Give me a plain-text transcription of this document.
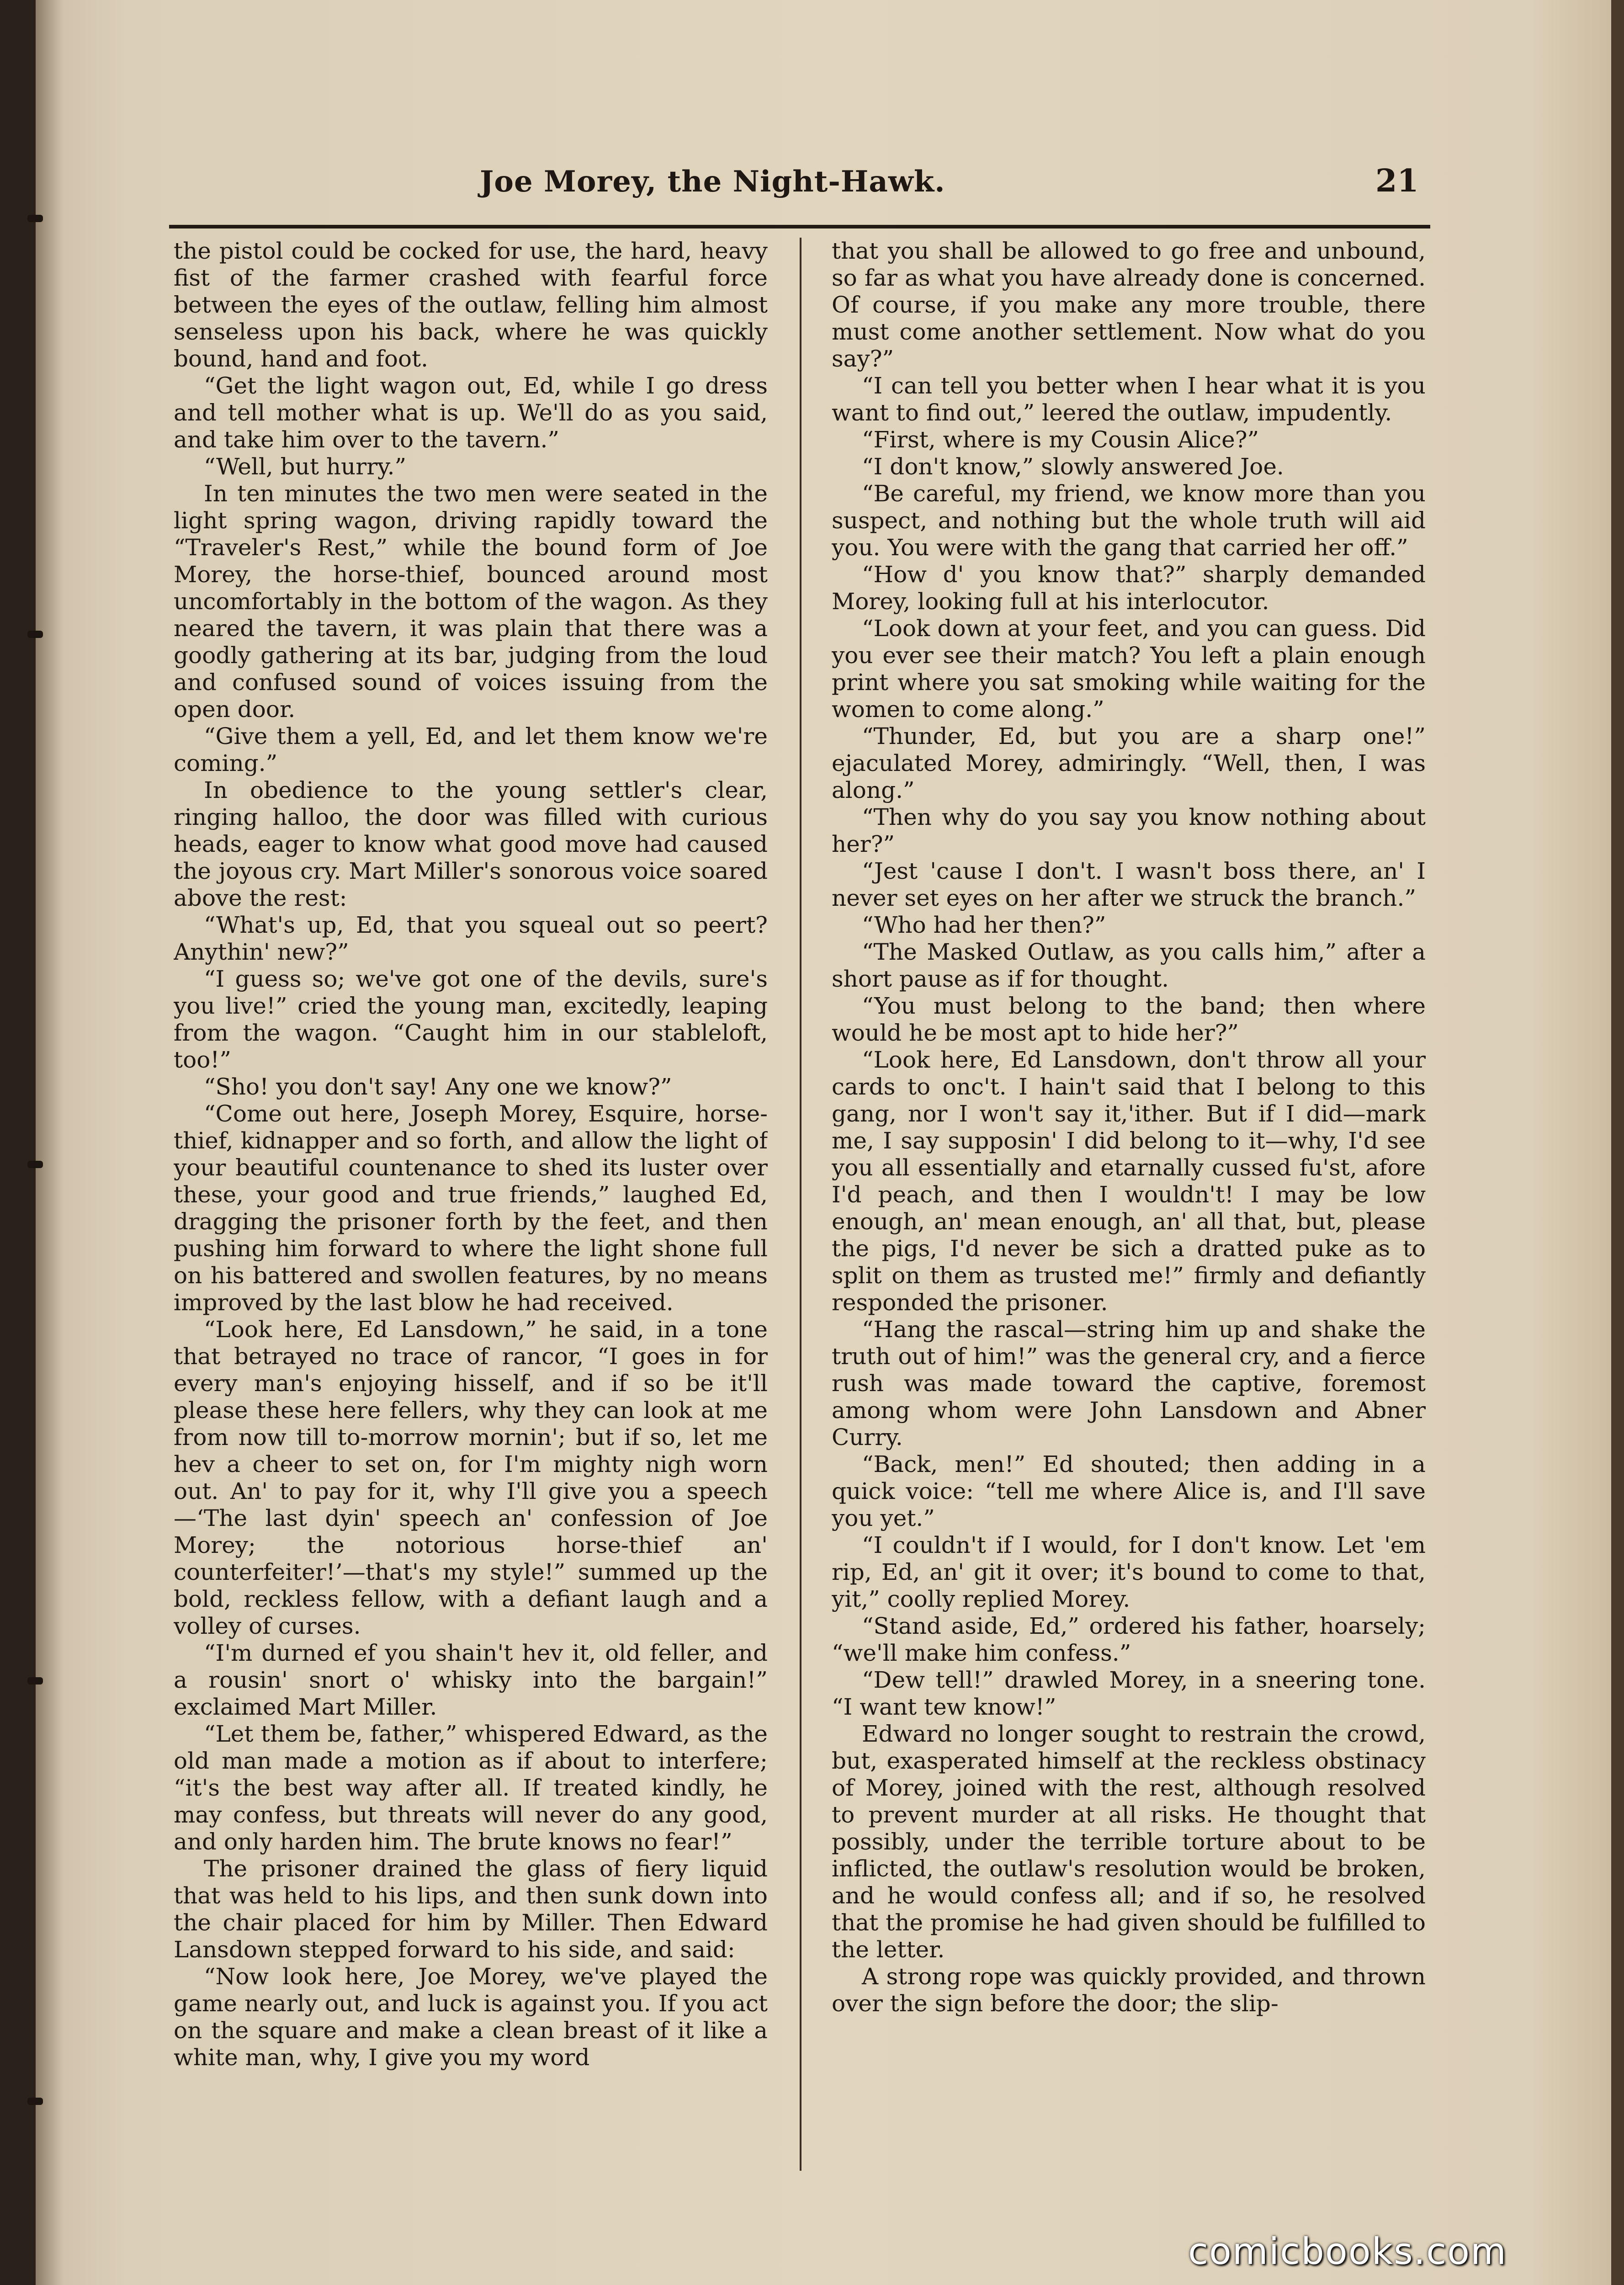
Joe Morey, the Night-Hawk.	21

the pistol could be cocked for use, the hard, heavy fist of the farmer crashed with fearful force between the eyes of the outlaw, felling him almost senseless upon his back, where he was quickly bound, hand and foot.

“Get the light wagon out, Ed, while I go dress and tell mother what is up. We'll do as you said, and take him over to the tavern.”

“Well, but hurry.”

In ten minutes the two men were seated in the light spring wagon, driving rapidly toward the “Traveler's Rest,” while the bound form of Joe Morey, the horse-thief, bounced around most uncomfortably in the bottom of the wagon. As they neared the tavern, it was plain that there was a goodly gathering at its bar, judging from the loud and confused sound of voices issuing from the open door.

“Give them a yell, Ed, and let them know we're coming.”

In obedience to the young settler's clear, ringing halloo, the door was filled with curious heads, eager to know what good move had caused the joyous cry. Mart Miller's sonorous voice soared above the rest:

“What's up, Ed, that you squeal out so peert? Anythin' new?”

“I guess so; we've got one of the devils, sure's you live!” cried the young man, excitedly, leaping from the wagon. “Caught him in our stableloft, too!”

“Sho! you don't say! Any one we know?”

“Come out here, Joseph Morey, Esquire, horse-thief, kidnapper and so forth, and allow the light of your beautiful countenance to shed its luster over these, your good and true friends,” laughed Ed, dragging the prisoner forth by the feet, and then pushing him forward to where the light shone full on his battered and swollen features, by no means improved by the last blow he had received.

“Look here, Ed Lansdown,” he said, in a tone that betrayed no trace of rancor, “I goes in for every man's enjoying hisself, and if so be it'll please these here fellers, why they can look at me from now till to-morrow mornin'; but if so, let me hev a cheer to set on, for I'm mighty nigh worn out. An' to pay for it, why I'll give you a speech—‘The last dyin' speech an' confession of Joe Morey; the notorious horse-thief an' counterfeiter!’—that's my style!” summed up the bold, reckless fellow, with a defiant laugh and a volley of curses.

“I'm durned ef you shain't hev it, old feller, and a rousin' snort o' whisky into the bargain!” exclaimed Mart Miller.

“Let them be, father,” whispered Edward, as the old man made a motion as if about to interfere; “it's the best way after all. If treated kindly, he may confess, but threats will never do any good, and only harden him. The brute knows no fear!”

The prisoner drained the glass of fiery liquid that was held to his lips, and then sunk down into the chair placed for him by Miller. Then Edward Lansdown stepped forward to his side, and said:

“Now look here, Joe Morey, we've played the game nearly out, and luck is against you. If you act on the square and make a clean breast of it like a white man, why, I give you my word

that you shall be allowed to go free and unbound, so far as what you have already done is concerned. Of course, if you make any more trouble, there must come another settlement. Now what do you say?”

“I can tell you better when I hear what it is you want to find out,” leered the outlaw, impudently.

“First, where is my Cousin Alice?”

“I don't know,” slowly answered Joe.

“Be careful, my friend, we know more than you suspect, and nothing but the whole truth will aid you. You were with the gang that carried her off.”

“How d' you know that?” sharply demanded Morey, looking full at his interlocutor.

“Look down at your feet, and you can guess. Did you ever see their match? You left a plain enough print where you sat smoking while waiting for the women to come along.”

“Thunder, Ed, but you are a sharp one!” ejaculated Morey, admiringly. “Well, then, I was along.”

“Then why do you say you know nothing about her?”

“Jest 'cause I don't. I wasn't boss there, an' I never set eyes on her after we struck the branch.”

“Who had her then?”

“The Masked Outlaw, as you calls him,” after a short pause as if for thought.

“You must belong to the band; then where would he be most apt to hide her?”

“Look here, Ed Lansdown, don't throw all your cards to onc't. I hain't said that I belong to this gang, nor I won't say it,'ither. But if I did—mark me, I say supposin' I did belong to it—why, I'd see you all essentially and etarnally cussed fu'st, afore I'd peach, and then I wouldn't! I may be low enough, an' mean enough, an' all that, but, please the pigs, I'd never be sich a dratted puke as to split on them as trusted me!” firmly and defiantly responded the prisoner.

“Hang the rascal—string him up and shake the truth out of him!” was the general cry, and a fierce rush was made toward the captive, foremost among whom were John Lansdown and Abner Curry.

“Back, men!” Ed shouted; then adding in a quick voice: “tell me where Alice is, and I'll save you yet.”

“I couldn't if I would, for I don't know. Let 'em rip, Ed, an' git it over; it's bound to come to that, yit,” coolly replied Morey.

“Stand aside, Ed,” ordered his father, hoarsely; “we'll make him confess.”

“Dew tell!” drawled Morey, in a sneering tone. “I want tew know!”

Edward no longer sought to restrain the crowd, but, exasperated himself at the reckless obstinacy of Morey, joined with the rest, although resolved to prevent murder at all risks. He thought that possibly, under the terrible torture about to be inflicted, the outlaw's resolution would be broken, and he would confess all; and if so, he resolved that the promise he had given should be fulfilled to the letter.

A strong rope was quickly provided, and thrown over the sign before the door; the slip-

comicbooks.com
